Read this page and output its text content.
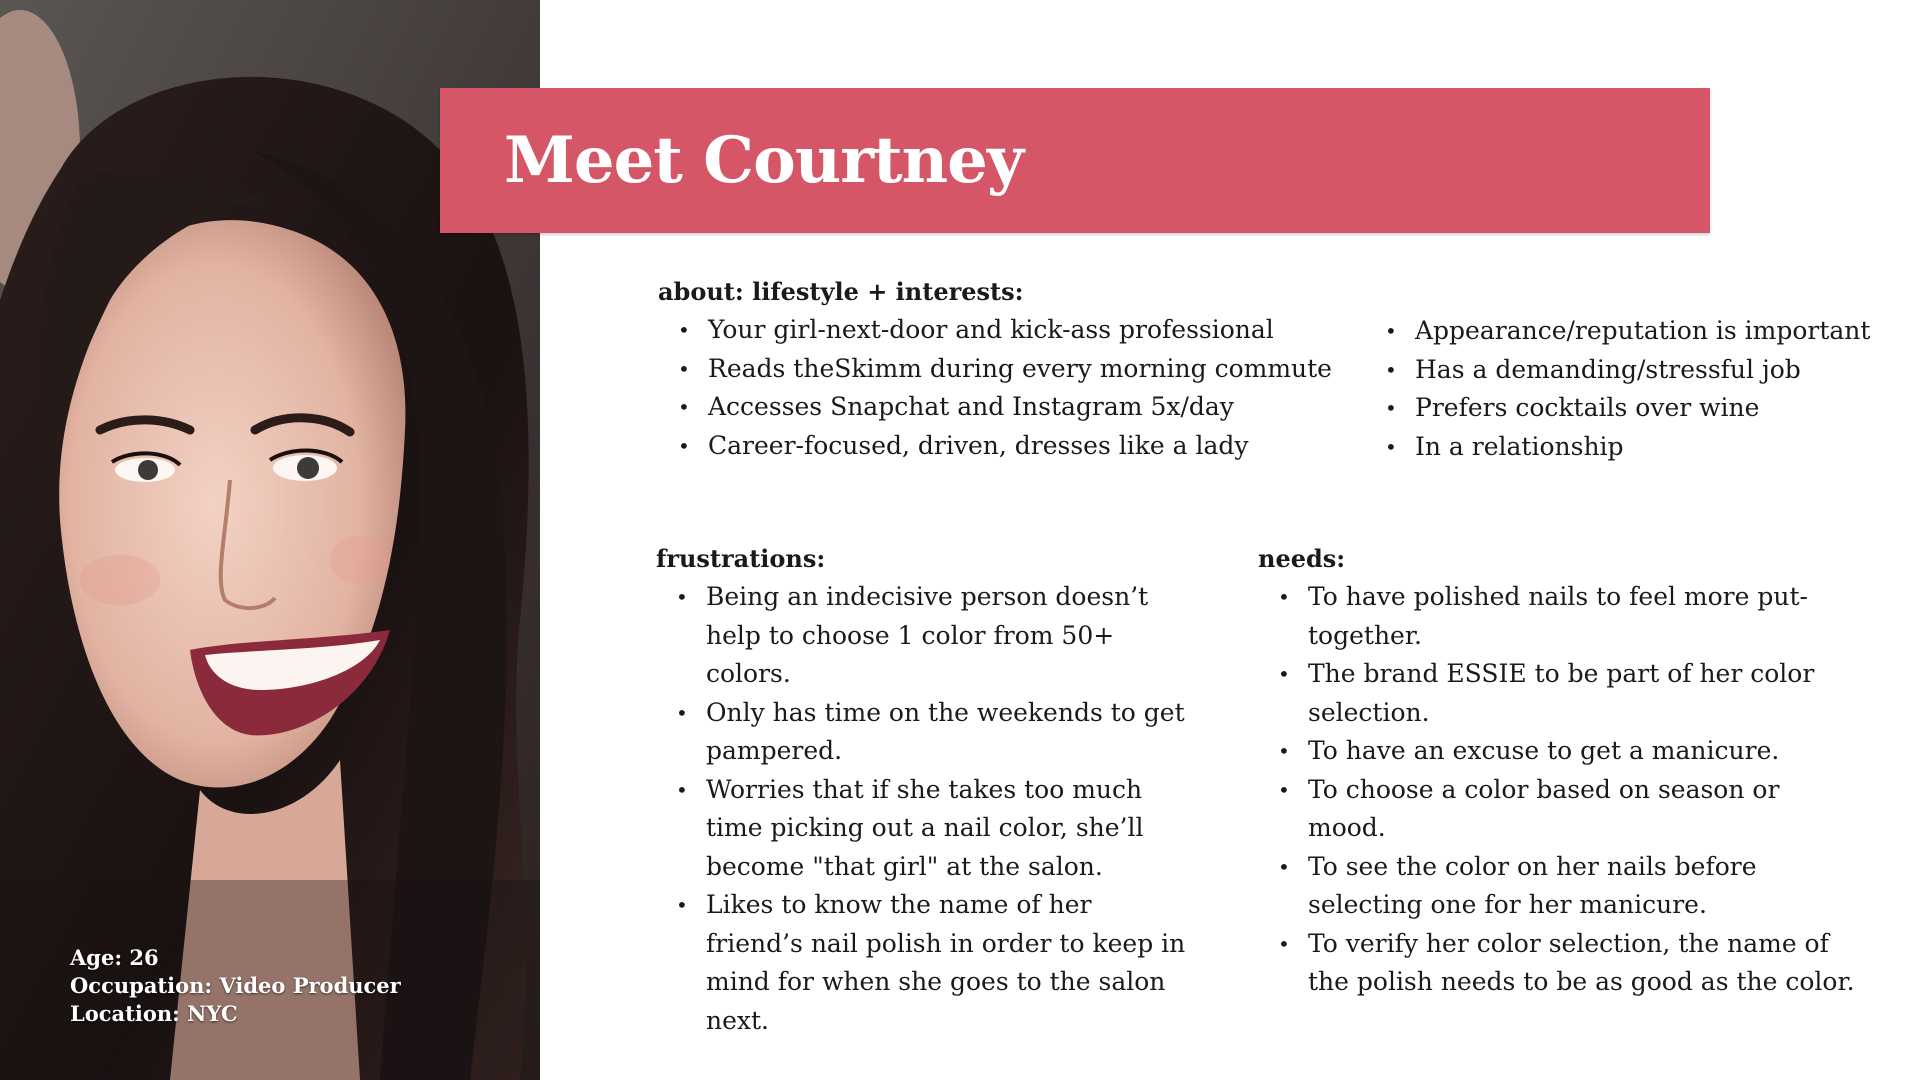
Age: 26
Occupation: Video Producer
Location: NYC
Meet Courtney
about: lifestyle + interests:
• Your girl-next-door and kick-ass professional
• Reads theSkimm during every morning commute
• Accesses Snapchat and Instagram 5x/day
• Career-focused, driven, dresses like a lady
• Appearance/reputation is important
• Has a demanding/stressful job
• Prefers cocktails over wine
• In a relationship
frustrations:
• Being an indecisive person doesn’t help to choose 1 color from 50+ colors.
• Only has time on the weekends to get pampered.
• Worries that if she takes too much time picking out a nail color, she’ll become "that girl" at the salon.
• Likes to know the name of her friend’s nail polish in order to keep in mind for when she goes to the salon next.
needs:
• To have polished nails to feel more put-together.
• The brand ESSIE to be part of her color selection.
• To have an excuse to get a manicure.
• To choose a color based on season or mood.
• To see the color on her nails before selecting one for her manicure.
• To verify her color selection, the name of the polish needs to be as good as the color.
